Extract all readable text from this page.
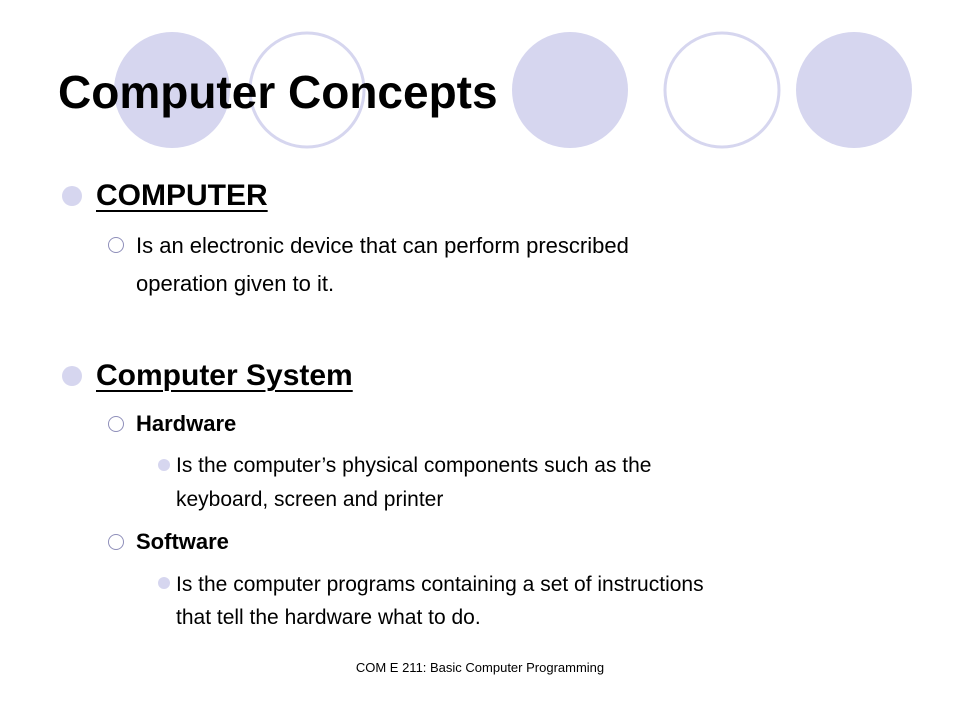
Computer Concepts
COMPUTER
Is an electronic device that can perform prescribed
operation given to it.
Computer System
Hardware
Is the computer’s physical components such as the
keyboard, screen and printer
Software
Is the computer programs containing a set of instructions
that tell the hardware what to do.
COM E 211: Basic Computer Programming
